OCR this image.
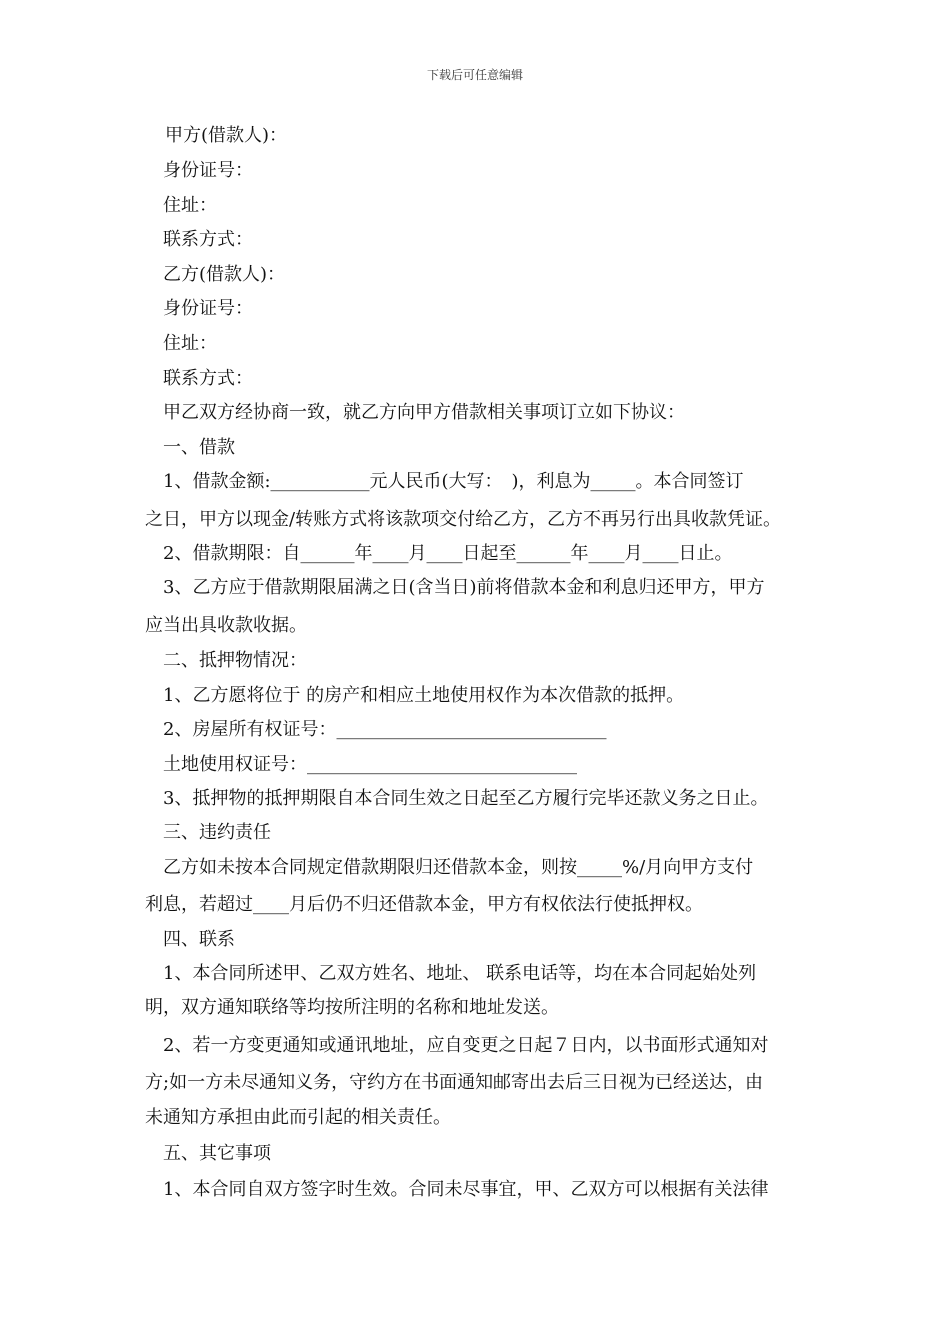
下载后可任意编辑
甲方(借款人)：
身份证号：
住址：
联系方式：
乙方(借款人)：
身份证号：
住址：
联系方式：
甲乙双方经协商一致，就乙方向甲方借款相关事项订立如下协议：
一、借款
1、借款金额:___________元人民币(大写：　)，利息为_____。本合同签订
之日，甲方以现金/转账方式将该款项交付给乙方，乙方不再另行出具收款凭证。
2、借款期限：自______年____月____日起至______年____月____日止。
3、乙方应于借款期限届满之日(含当日)前将借款本金和利息归还甲方，甲方
应当出具收款收据。
二、抵押物情况：
1、乙方愿将位于 的房产和相应土地使用权作为本次借款的抵押。
2、房屋所有权证号：______________________________
土地使用权证号：______________________________
3、抵押物的抵押期限自本合同生效之日起至乙方履行完毕还款义务之日止。
三、违约责任
乙方如未按本合同规定借款期限归还借款本金，则按_____%/月向甲方支付
利息，若超过____月后仍不归还借款本金，甲方有权依法行使抵押权。
四、联系
1、本合同所述甲、乙双方姓名、地址、 联系电话等，均在本合同起始处列
明，双方通知联络等均按所注明的名称和地址发送。
2、若一方变更通知或通讯地址，应自变更之日起７日内，以书面形式通知对
方;如一方未尽通知义务，守约方在书面通知邮寄出去后三日视为已经送达，由
未通知方承担由此而引起的相关责任。
五、其它事项
1、本合同自双方签字时生效。合同未尽事宜，甲、乙双方可以根据有关法律
